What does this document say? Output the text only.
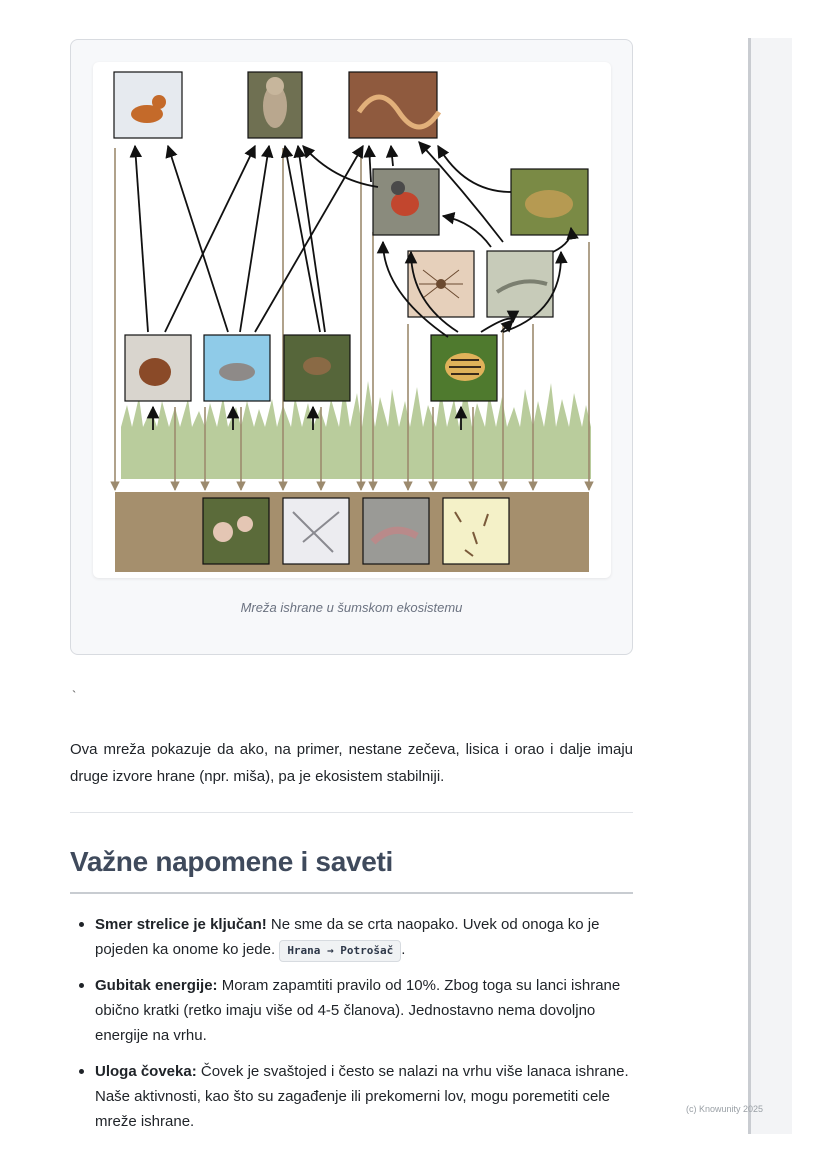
(c) Knowunity 2025
Mreža ishrane u šumskom ekosistemu
`

Ova mreža pokazuje da ako, na primer, nestane zečeva, lisica i orao i dalje imaju druge izvore hrane (npr. miša), pa je ekosistem stabilniji.

Važne napomene i saveti
Smer strelice je ključan! Ne sme da se crta naopako. Uvek od onoga ko je pojeden ka onome ko jede. Hrana → Potrošač .
Gubitak energije: Moram zapamtiti pravilo od 10%. Zbog toga su lanci ishrane obično kratki (retko imaju više od 4-5 članova). Jednostavno nema dovoljno energije na vrhu.
Uloga čoveka: Čovek je svaštojed i često se nalazi na vrhu više lanaca ishrane. Naše aktivnosti, kao što su zagađenje ili prekomerni lov, mogu poremetiti cele mreže ishrane.
